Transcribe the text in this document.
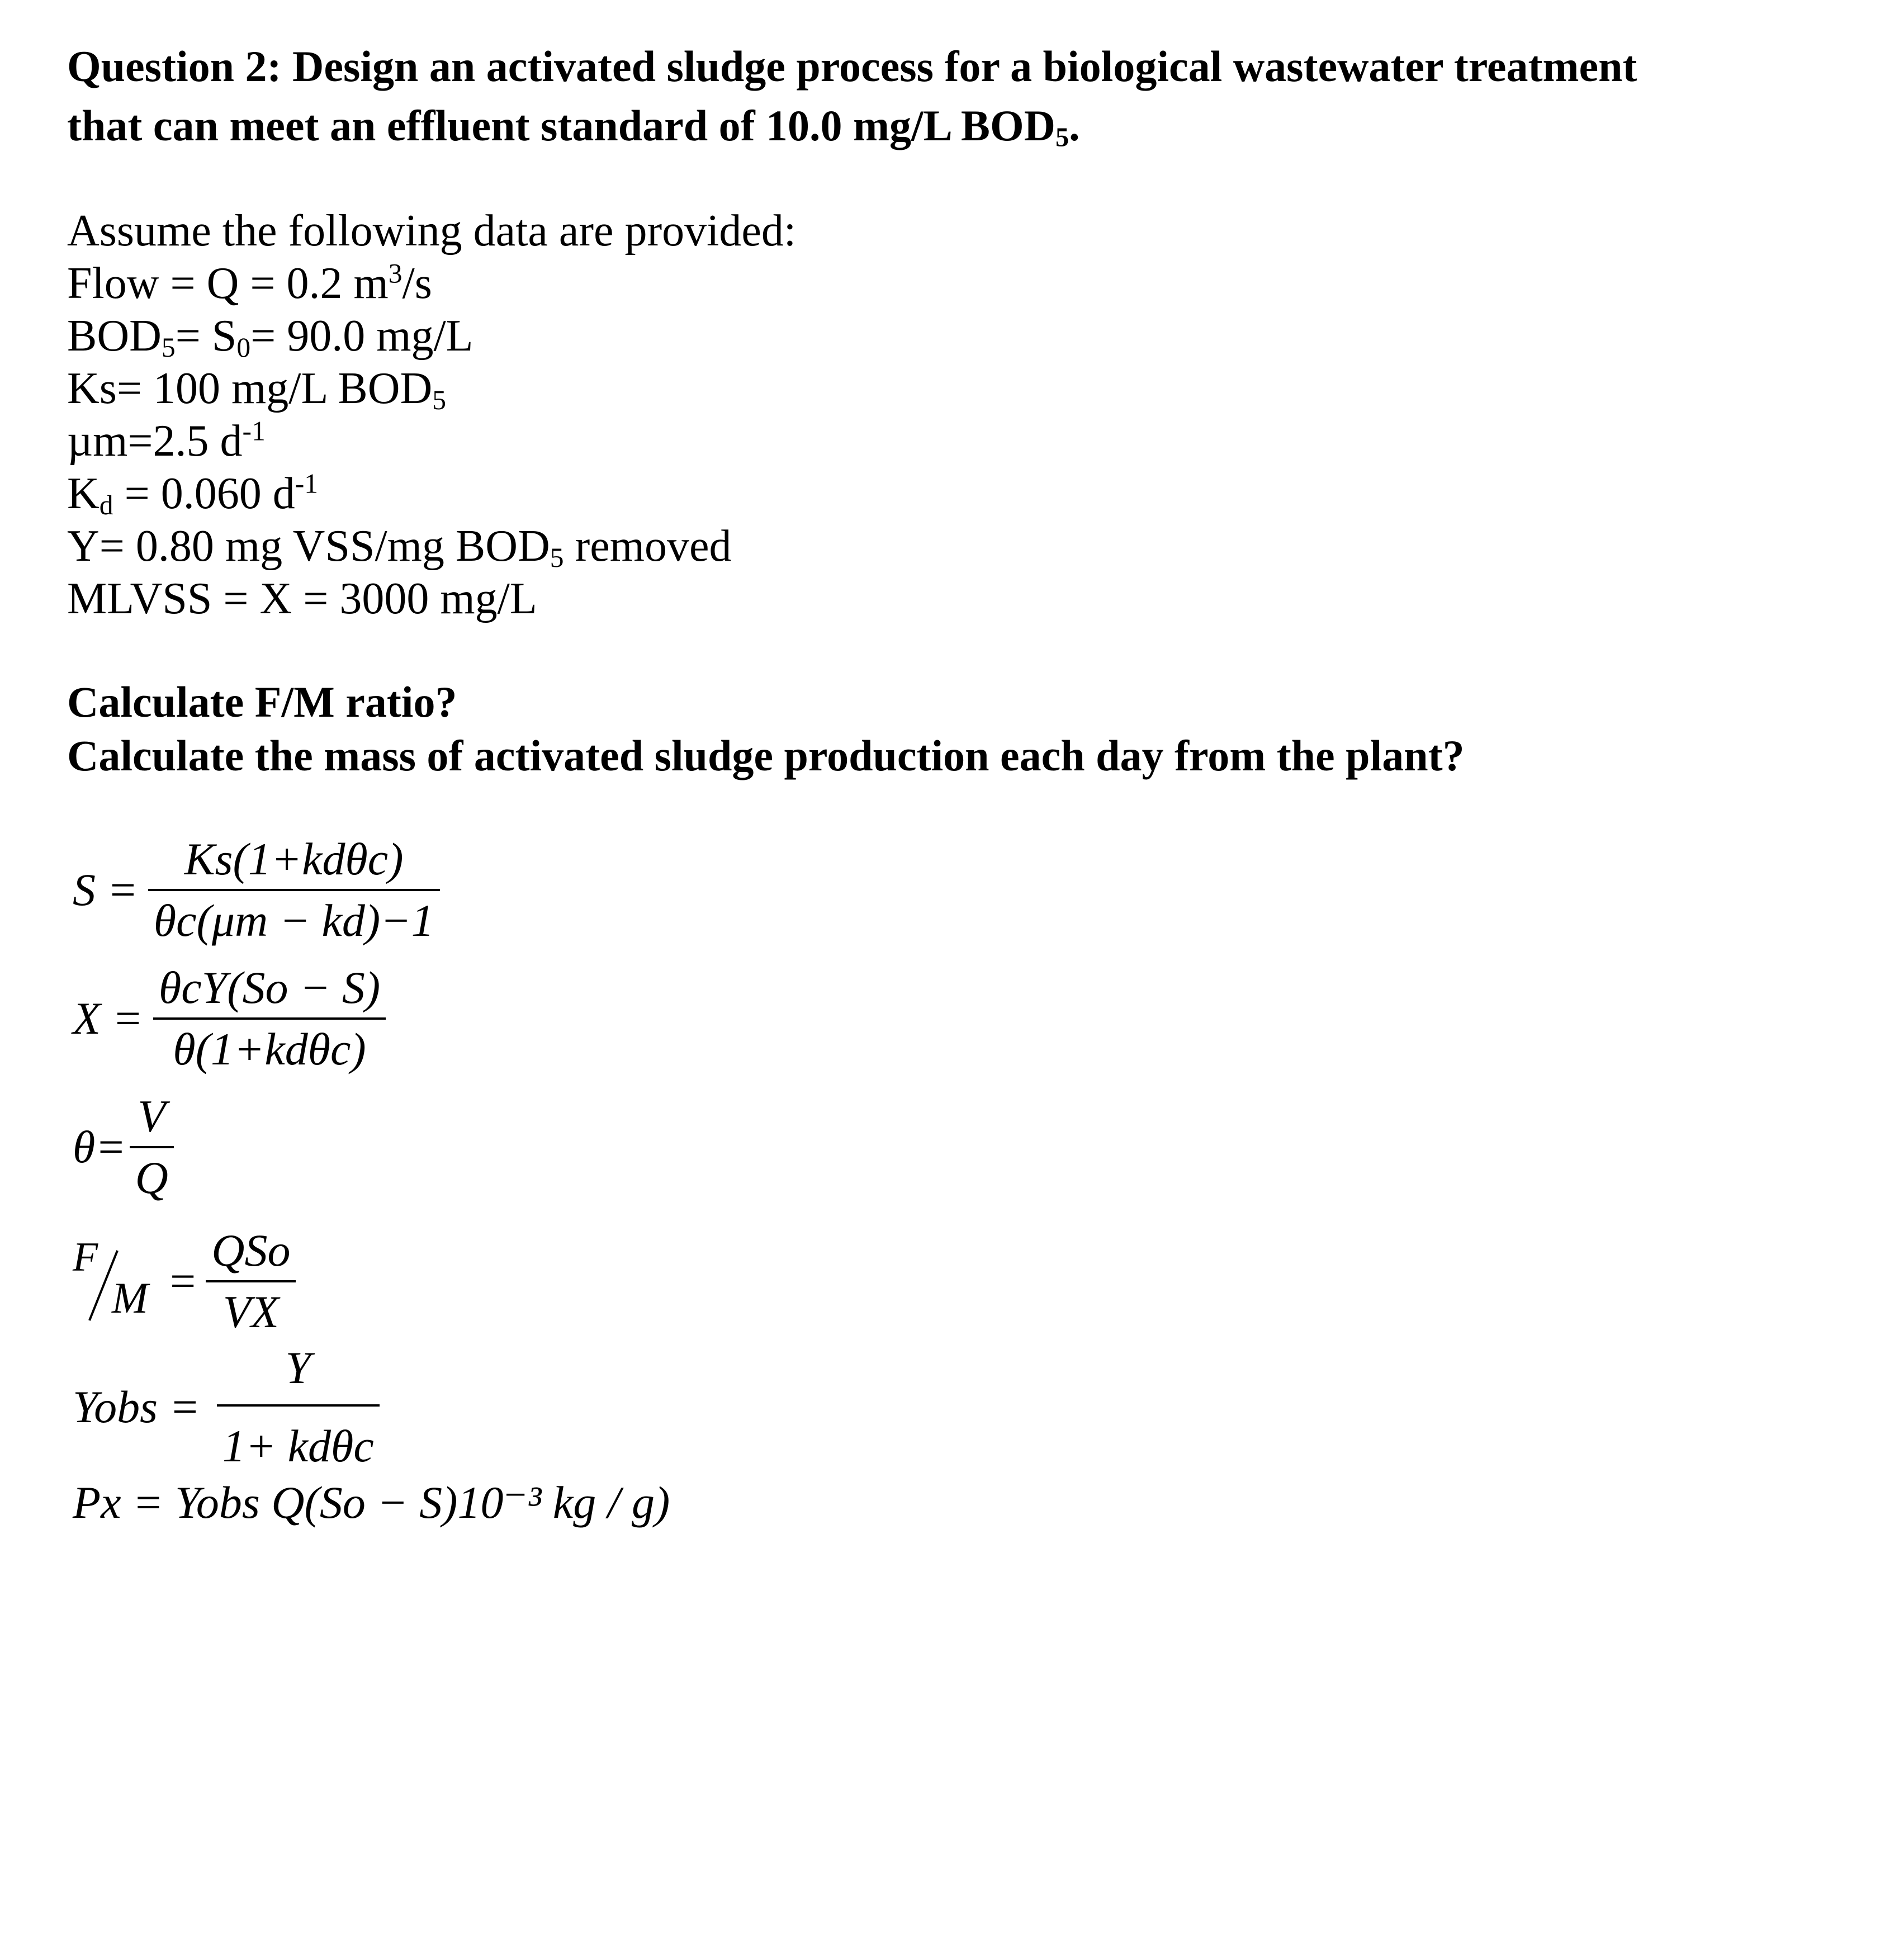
Question 2: Design an activated sludge process for a biological wastewater treatment
that can meet an effluent standard of 10.0 mg/L $BOD_5$.
Assume the following data are provided:
Flow = Q = 0.2 $m^3/s$
$BOD_5= S_0= 90.0$ mg/L
Ks= 100 mg/L $BOD_5$
µm=2.5 $d^{-1}$
$K_d = 0.060$ $d^{-1}$
Y= 0.80 mg VSS/mg $BOD_5$ removed
MLVSS = X = 3000 mg/L
Calculate F/M ratio?
Calculate the mass of activated sludge production each day from the plant?
$S = \frac{\text{Ks(1+kdθc)}}{\theta c(\mu m - kd)-1}$
$X = \frac{\text{θcY(So − S)}}{\text{θ(1+kdθc)}}$
$\theta= \frac{V}{Q}$
F
$M = \frac{\text{QSo}}{VX}$
Yobs = $\frac{Y}{\text{1+ kdθc}}$
Px = Yobs Q(So − S)10⁻³ kg / g)
